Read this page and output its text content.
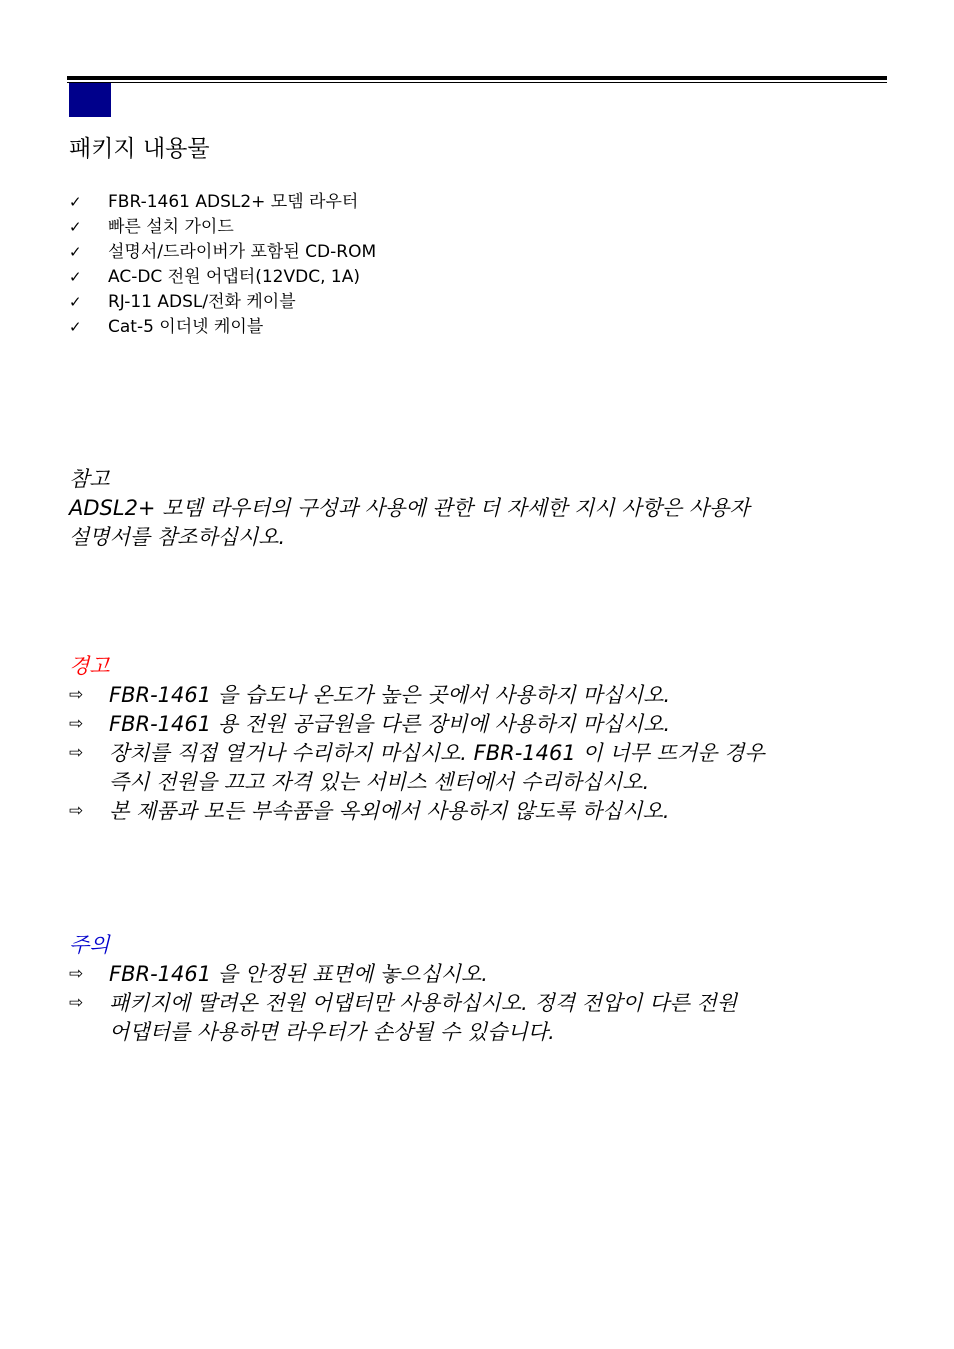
패키지 내용물
✓ FBR-1461 ADSL2+ 모뎀 라우터
✓ 빠른 설치 가이드
✓ 설명서/드라이버가 포함된 CD-ROM
✓ AC-DC 전원 어댑터(12VDC, 1A)
✓ RJ-11 ADSL/전화 케이블
✓ Cat-5 이더넷 케이블
참고

ADSL2+ 모뎀 라우터의 구성과 사용에 관한 더 자세한 지시 사항은 사용자
설명서를 참조하십시오.

경고
⇨ FBR-1461 을 습도나 온도가 높은 곳에서 사용하지 마십시오.
⇨ FBR-1461 용 전원 공급원을 다른 장비에 사용하지 마십시오.
⇨ 장치를 직접 열거나 수리하지 마십시오. FBR-1461 이 너무 뜨거운 경우
즉시 전원을 끄고 자격 있는 서비스 센터에서 수리하십시오.
⇨ 본 제품과 모든 부속품을 옥외에서 사용하지 않도록 하십시오.
주의
⇨ FBR-1461 을 안정된 표면에 놓으십시오.
⇨ 패키지에 딸려온 전원 어댑터만 사용하십시오. 정격 전압이 다른 전원
어댑터를 사용하면 라우터가 손상될 수 있습니다.
